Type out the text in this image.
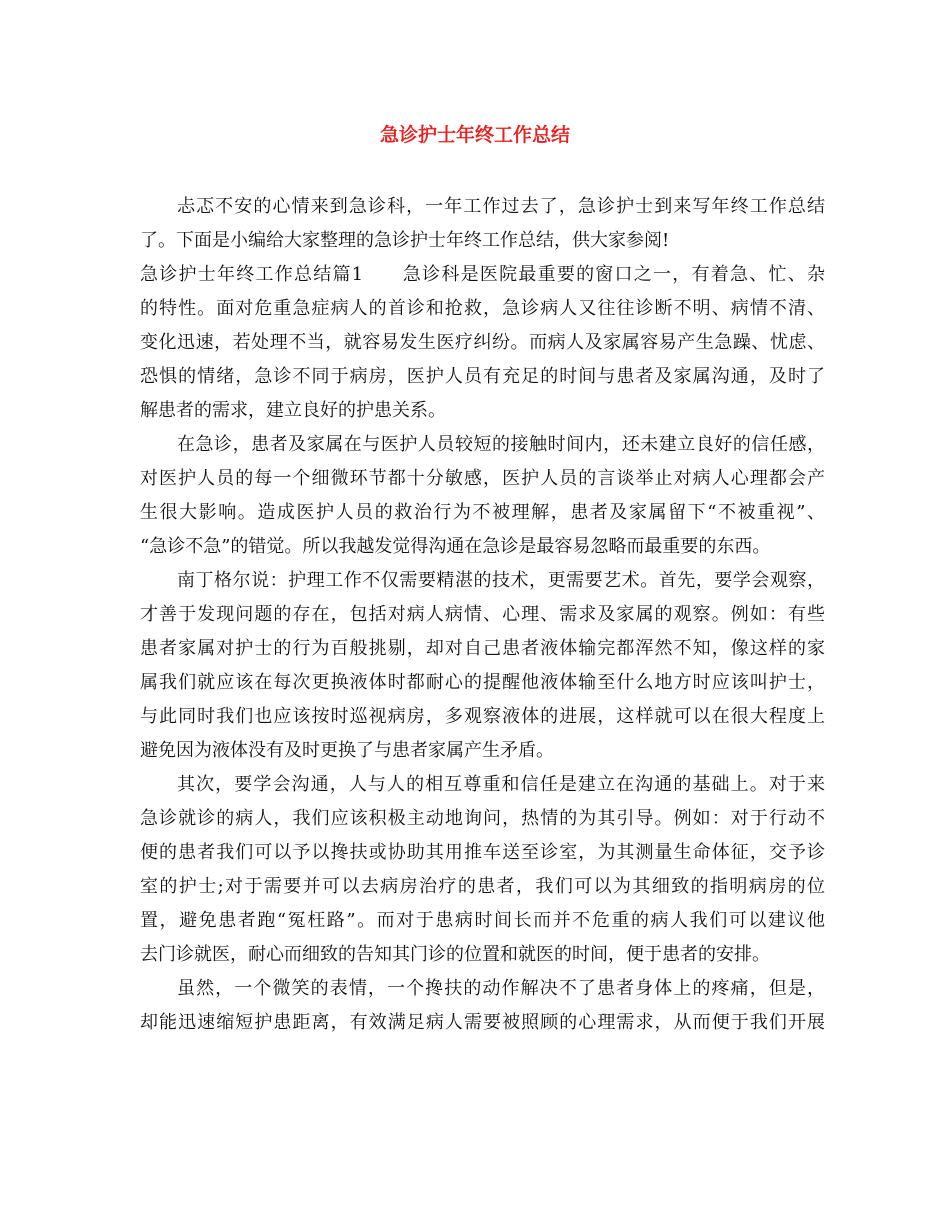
急诊护士年终工作总结
忐忑不安的心情来到急诊科，一年工作过去了，急诊护士到来写年终工作总结
了。下面是小编给大家整理的急诊护士年终工作总结，供大家参阅!
急诊护士年终工作总结篇1　　急诊科是医院最重要的窗口之一，有着急、忙、杂
的特性。面对危重急症病人的首诊和抢救，急诊病人又往往诊断不明、病情不清、
变化迅速，若处理不当，就容易发生医疗纠纷。而病人及家属容易产生急躁、忧虑、
恐惧的情绪，急诊不同于病房，医护人员有充足的时间与患者及家属沟通，及时了
解患者的需求，建立良好的护患关系。
在急诊，患者及家属在与医护人员较短的接触时间内，还未建立良好的信任感，
对医护人员的每一个细微环节都十分敏感，医护人员的言谈举止对病人心理都会产
生很大影响。造成医护人员的救治行为不被理解，患者及家属留下“不被重视”、
“急诊不急”的错觉。所以我越发觉得沟通在急诊是最容易忽略而最重要的东西。
南丁格尔说：护理工作不仅需要精湛的技术，更需要艺术。首先，要学会观察，
才善于发现问题的存在，包括对病人病情、心理、需求及家属的观察。例如：有些
患者家属对护士的行为百般挑剔，却对自己患者液体输完都浑然不知，像这样的家
属我们就应该在每次更换液体时都耐心的提醒他液体输至什么地方时应该叫护士，
与此同时我们也应该按时巡视病房，多观察液体的进展，这样就可以在很大程度上
避免因为液体没有及时更换了与患者家属产生矛盾。
其次，要学会沟通，人与人的相互尊重和信任是建立在沟通的基础上。对于来
急诊就诊的病人，我们应该积极主动地询问，热情的为其引导。例如：对于行动不
便的患者我们可以予以搀扶或协助其用推车送至诊室，为其测量生命体征，交予诊
室的护士;对于需要并可以去病房治疗的患者，我们可以为其细致的指明病房的位
置，避免患者跑“冤枉路”。而对于患病时间长而并不危重的病人我们可以建议他
去门诊就医，耐心而细致的告知其门诊的位置和就医的时间，便于患者的安排。
虽然，一个微笑的表情，一个搀扶的动作解决不了患者身体上的疼痛，但是，
却能迅速缩短护患距离，有效满足病人需要被照顾的心理需求，从而便于我们开展
